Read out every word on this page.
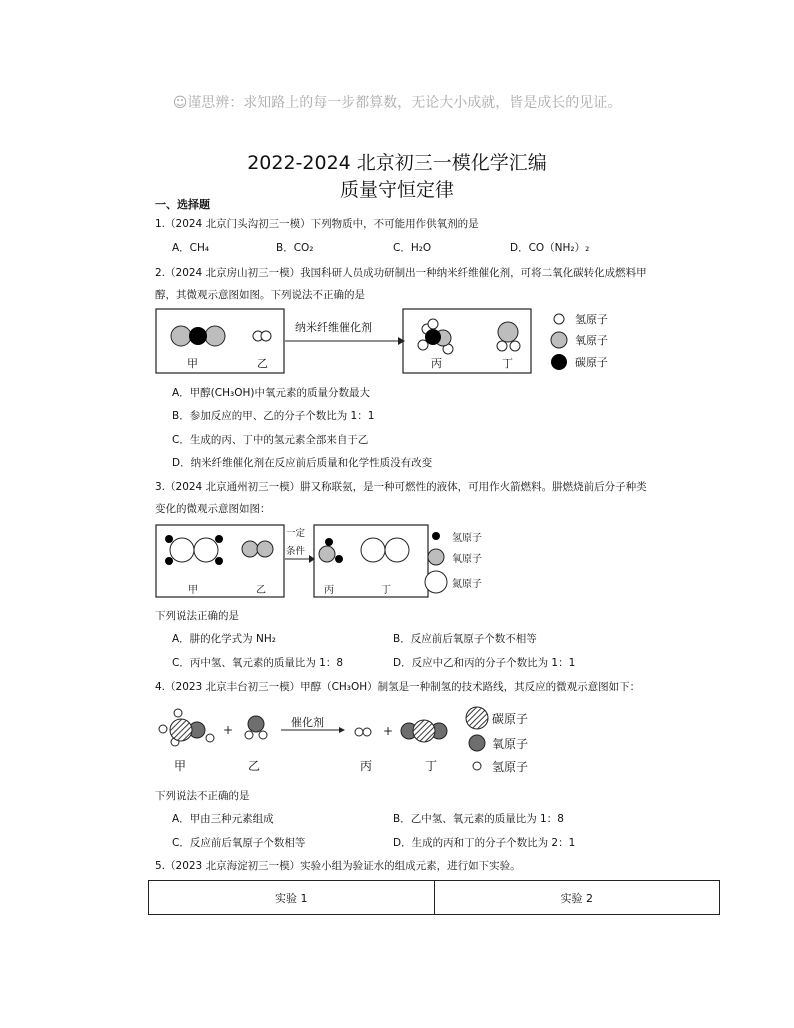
☺谨思辨：求知路上的每一步都算数，无论大小成就，皆是成长的见证。
2022-2024 北京初三一模化学汇编
质量守恒定律
一、选择题
1.（2024 北京门头沟初三一模）下列物质中，不可能用作供氧剂的是
A．CH₄	B．CO₂	C．H₂O	D．CO（NH₂）₂
2.（2024 北京房山初三一模）我国科研人员成功研制出一种纳米纤维催化剂，可将二氧化碳转化成燃料甲
醇，其微观示意图如图。下列说法不正确的是
纳米纤维催化剂
甲	乙	丙	丁
氢原子
氧原子
碳原子
A．甲醇(CH₃OH)中氧元素的质量分数最大
B．参加反应的甲、乙的分子个数比为 1：1
C．生成的丙、丁中的氢元素全部来自于乙
D．纳米纤维催化剂在反应前后质量和化学性质没有改变
3.（2024 北京通州初三一模）肼又称联氨，是一种可燃性的液体，可用作火箭燃料。肼燃烧前后分子种类
变化的微观示意图如图：
一定
条件
甲	乙	丙	丁
氢原子
氧原子
氮原子
下列说法正确的是
A．肼的化学式为 NH₂	B．反应前后氧原子个数不相等
C．丙中氢、氧元素的质量比为 1：8	D．反应中乙和丙的分子个数比为 1：1
4.（2023 北京丰台初三一模）甲醇（CH₃OH）制氢是一种制氢的技术路线，其反应的微观示意图如下：
+	+
催化剂
甲	乙	丙	丁
碳原子
氧原子
氢原子
下列说法不正确的是
A．甲由三种元素组成	B．乙中氢、氧元素的质量比为 1：8
C．反应前后氧原子个数相等	D．生成的丙和丁的分子个数比为 2：1
5.（2023 北京海淀初三一模）实验小组为验证水的组成元素，进行如下实验。
实验 1	实验 2
